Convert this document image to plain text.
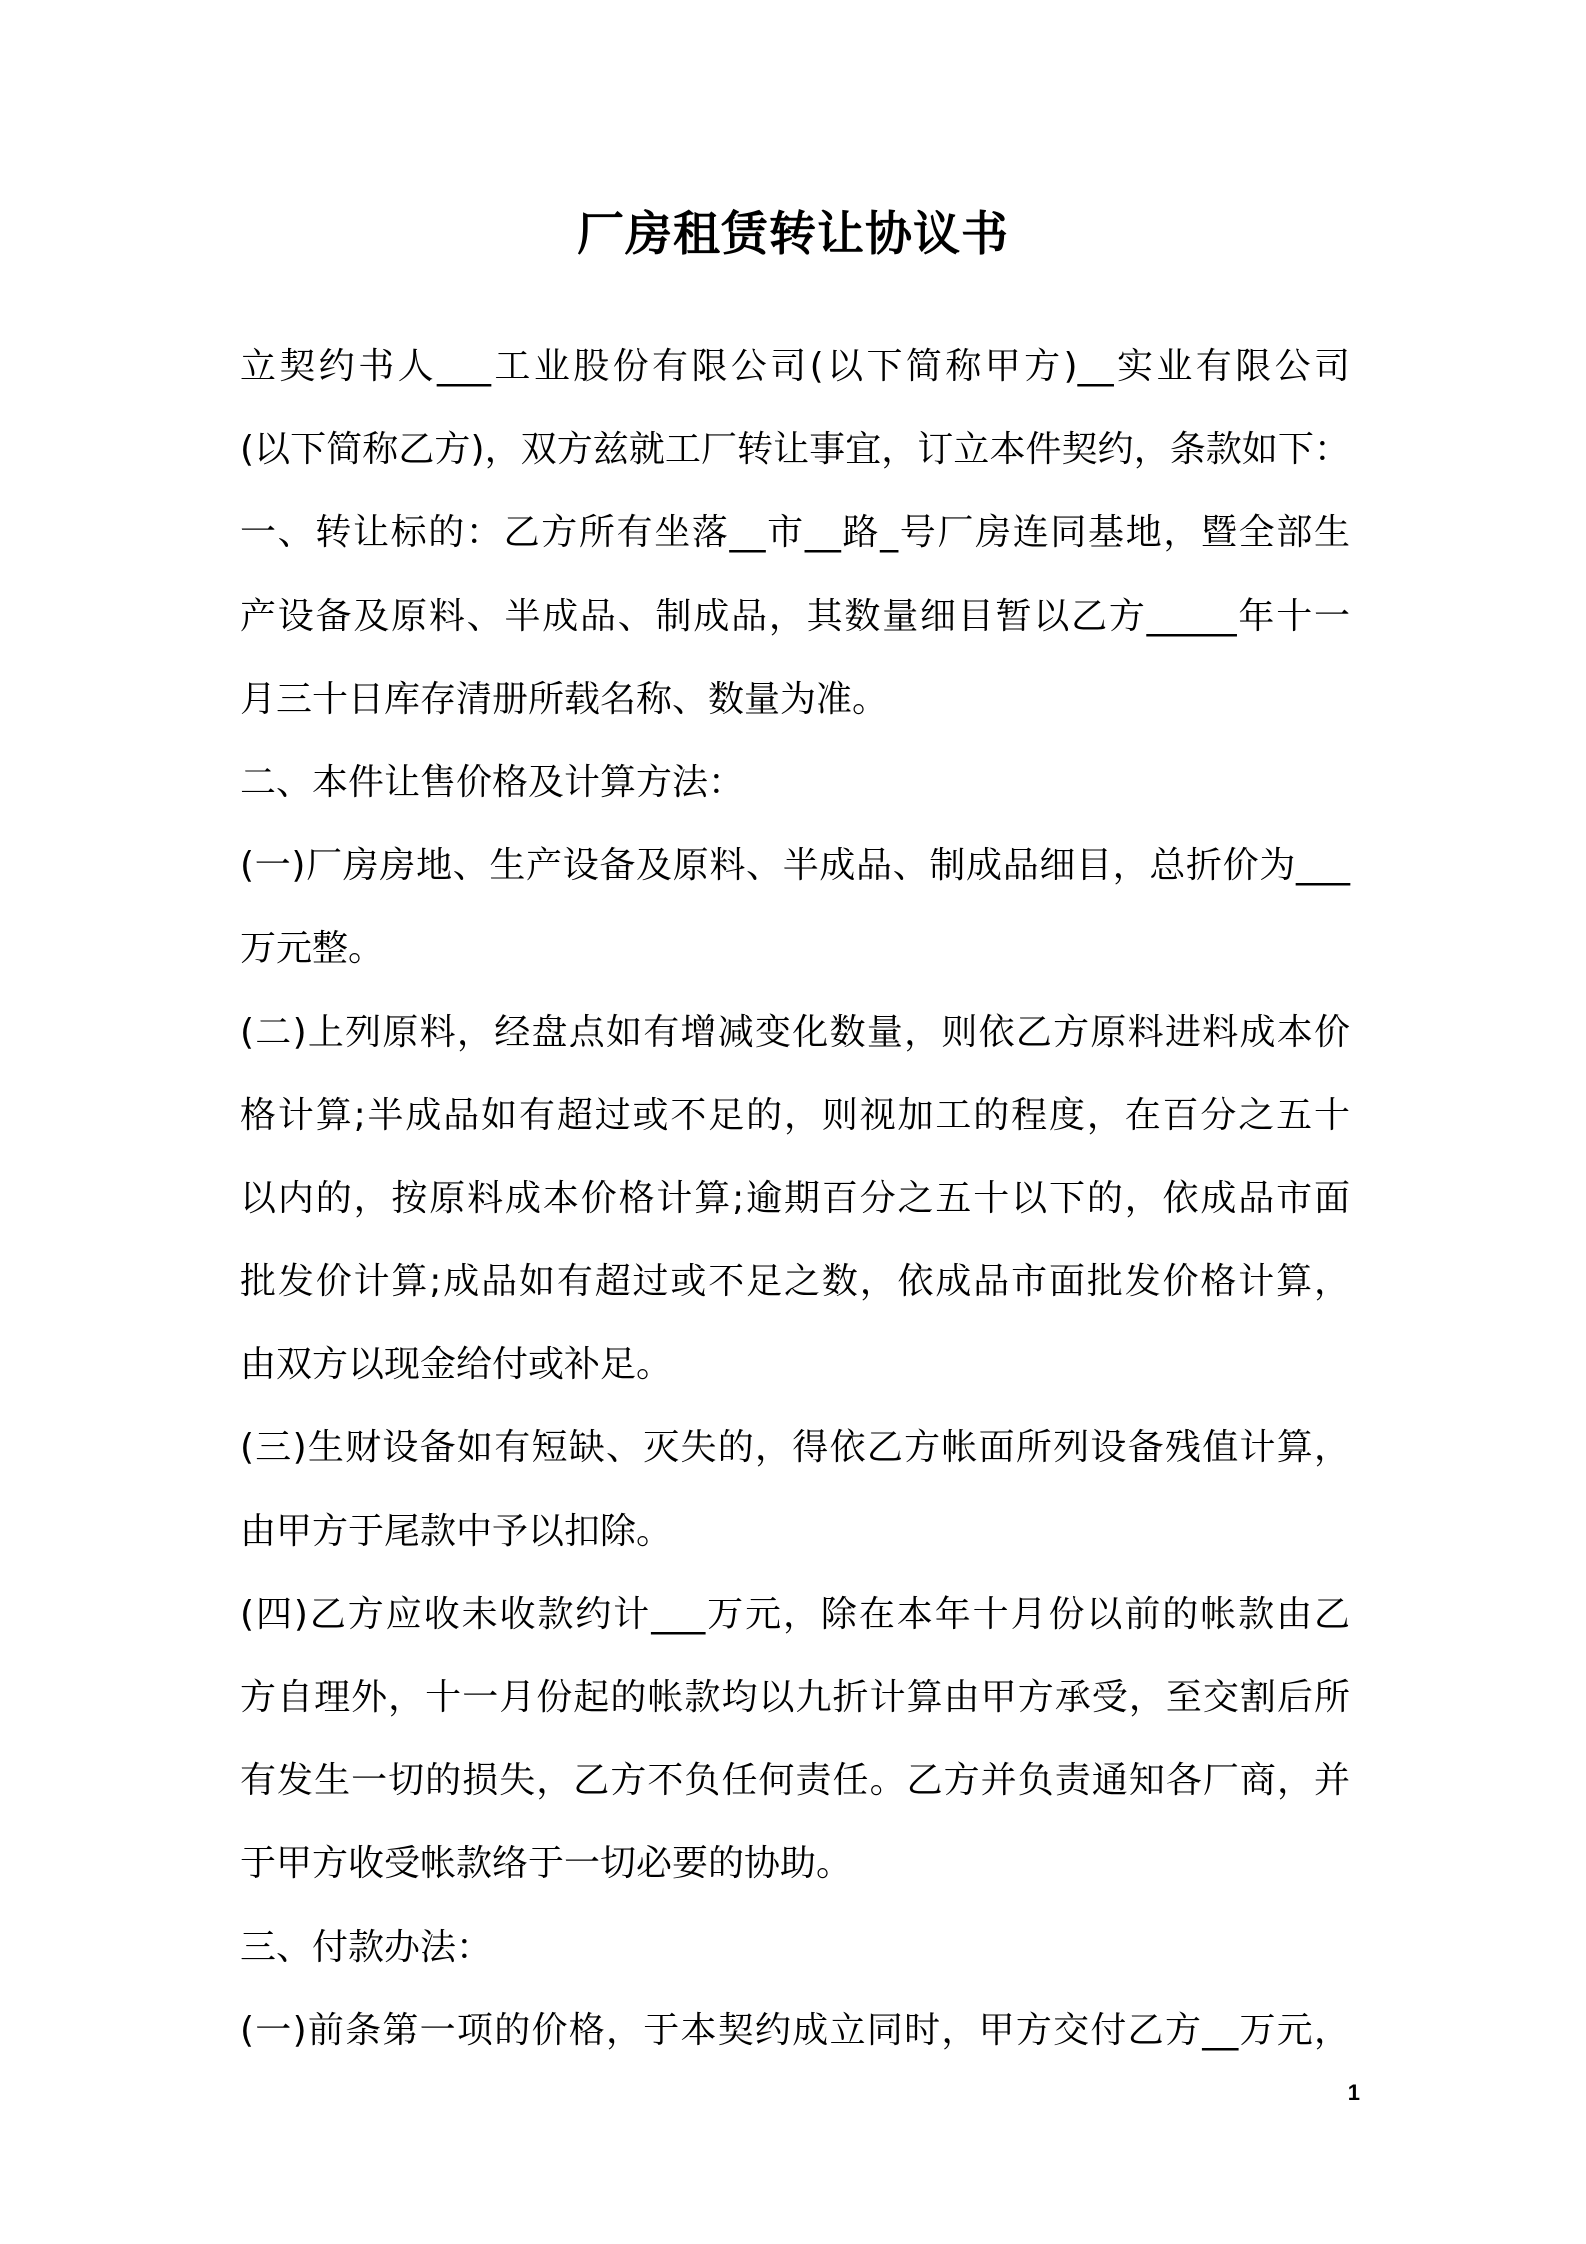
厂房租赁转让协议书
立契约书人___工业股份有限公司(以下简称甲方)__实业有限公司
(以下简称乙方)，双方兹就工厂转让事宜，订立本件契约，条款如下：
一、转让标的：乙方所有坐落__市__路_号厂房连同基地，暨全部生
产设备及原料、半成品、制成品，其数量细目暂以乙方_____年十一
月三十日库存清册所载名称、数量为准。
二、本件让售价格及计算方法：
(一)厂房房地、生产设备及原料、半成品、制成品细目，总折价为___
万元整。
(二)上列原料，经盘点如有增减变化数量，则依乙方原料进料成本价
格计算;半成品如有超过或不足的，则视加工的程度，在百分之五十
以内的，按原料成本价格计算;逾期百分之五十以下的，依成品市面
批发价计算;成品如有超过或不足之数，依成品市面批发价格计算，
由双方以现金给付或补足。
(三)生财设备如有短缺、灭失的，得依乙方帐面所列设备残值计算，
由甲方于尾款中予以扣除。
(四)乙方应收未收款约计___万元，除在本年十月份以前的帐款由乙
方自理外，十一月份起的帐款均以九折计算由甲方承受，至交割后所
有发生一切的损失，乙方不负任何责任。乙方并负责通知各厂商，并
于甲方收受帐款络于一切必要的协助。
三、付款办法：
(一)前条第一项的价格，于本契约成立同时，甲方交付乙方__万元，
1
